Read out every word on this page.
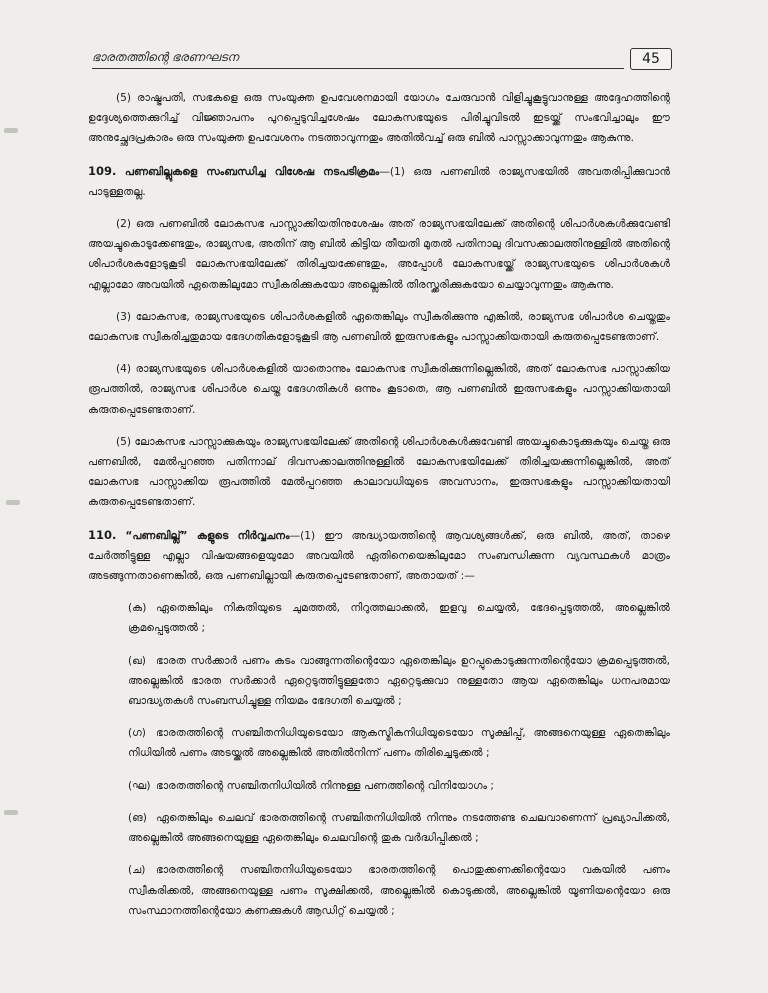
ഭാരതത്തിന്റെ ഭരണഘടന	45

(5) രാഷ്ട്രപതി, സഭകളെ ഒരു സംയുക്ത ഉപവേശനമായി യോഗം ചേരുവാൻ വിളിച്ചുകൂട്ടുവാനുള്ള അദ്ദേഹത്തിന്റെ ഉദ്ദേശ്യത്തെക്കുറിച്ച് വിജ്ഞാപനം പുറപ്പെടുവിച്ചശേഷം ലോകസഭയുടെ പിരിച്ചുവിടൽ ഇടയ്ക്ക് സംഭവിച്ചാലും ഈ അനുച്ഛേദപ്രകാരം ഒരു സംയുക്ത ഉപവേശനം നടത്താവുന്നതും അതിൽവച്ച് ഒരു ബിൽ പാസ്സാക്കാവുന്നതും ആകുന്നു.

109. പണബില്ലുകളെ സംബന്ധിച്ച വിശേഷ നടപടിക്രമം—(1) ഒരു പണബിൽ രാജ്യസഭയിൽ അവതരിപ്പിക്കുവാൻ പാടുള്ളതല്ല.

(2) ഒരു പണബിൽ ലോകസഭ പാസ്സാക്കിയതിനുശേഷം അത് രാജ്യസഭയിലേക്ക് അതിന്റെ ശിപാർശകൾക്കുവേണ്ടി അയച്ചുകൊടുക്കേണ്ടതും, രാജ്യസഭ, അതിന് ആ ബിൽ കിട്ടിയ തീയതി മുതൽ പതിനാലു ദിവസക്കാലത്തിനുള്ളിൽ അതിന്റെ ശിപാർശകളോടുകൂടി ലോകസഭയിലേക്ക് തിരിച്ചയക്കേണ്ടതും, അപ്പോൾ ലോകസഭയ്ക്ക് രാജ്യസഭയുടെ ശിപാർശകൾ എല്ലാമോ അവയിൽ ഏതെങ്കിലുമോ സ്വീകരിക്കുകയോ അല്ലെങ്കിൽ തിരസ്ക്കരിക്കുകയോ ചെയ്യാവുന്നതും ആകുന്നു.

(3) ലോകസഭ, രാജ്യസഭയുടെ ശിപാർശകളിൽ ഏതെങ്കിലും സ്വീകരിക്കുന്നു എങ്കിൽ, രാജ്യസഭ ശിപാർശ ചെയ്തതും ലോകസഭ സ്വീകരിച്ചതുമായ ഭേദഗതികളോടുകൂടി ആ പണബിൽ ഇരുസഭകളും പാസ്സാക്കിയതായി കരുതപ്പെടേണ്ടതാണ്.

(4) രാജ്യസഭയുടെ ശിപാർശകളിൽ യാതൊന്നും ലോകസഭ സ്വീകരിക്കുന്നില്ലെങ്കിൽ, അത് ലോകസഭ പാസ്സാക്കിയ രൂപത്തിൽ, രാജ്യസഭ ശിപാർശ ചെയ്ത ഭേദഗതികൾ ഒന്നും കൂടാതെ, ആ പണബിൽ ഇരുസഭകളും പാസ്സാക്കിയതായി കരുതപ്പെടേണ്ടതാണ്.

(5) ലോകസഭ പാസ്സാക്കുകയും രാജ്യസഭയിലേക്ക് അതിന്റെ ശിപാർശകൾക്കുവേണ്ടി അയച്ചുകൊടുക്കുകയും ചെയ്ത ഒരു പണബിൽ, മേൽപ്പറഞ്ഞ പതിന്നാല് ദിവസക്കാലത്തിനുള്ളിൽ ലോകസഭയിലേക്ക് തിരിച്ചയക്കുന്നില്ലെങ്കിൽ, അത് ലോകസഭ പാസ്സാക്കിയ രൂപത്തിൽ മേൽപ്പറഞ്ഞ കാലാവധിയുടെ അവസാനം, ഇരുസഭകളും പാസ്സാക്കിയതായി കരുതപ്പെടേണ്ടതാണ്.

110. “പണബില്ല്” കളുടെ നിർവ്വചനം—(1) ഈ അദ്ധ്യായത്തിന്റെ ആവശ്യങ്ങൾക്ക്, ഒരു ബിൽ, അത്, താഴെ ചേർത്തിട്ടുള്ള എല്ലാ വിഷയങ്ങളെയുമോ അവയിൽ ഏതിനെയെങ്കിലുമോ സംബന്ധിക്കുന്ന വ്യവസ്ഥകൾ മാത്രം അടങ്ങുന്നതാണെങ്കിൽ, ഒരു പണബില്ലായി കരുതപ്പെടേണ്ടതാണ്, അതായത് :—

(ക) ഏതെങ്കിലും നികുതിയുടെ ചുമത്തൽ, നിറുത്തലാക്കൽ, ഇളവു ചെയ്യൽ, ഭേദപ്പെടുത്തൽ, അല്ലെങ്കിൽ ക്രമപ്പെടുത്തൽ ;

(ഖ) ഭാരത സർക്കാർ പണം കടം വാങ്ങുന്നതിന്റെയോ ഏതെങ്കിലും ഉറപ്പുകൊടുക്കുന്നതിന്റെയോ ക്രമപ്പെടുത്തൽ, അല്ലെങ്കിൽ ഭാരത സർക്കാർ ഏറ്റെടുത്തിട്ടുള്ളതോ ഏറ്റെടുക്കുവാ നുള്ളതോ ആയ ഏതെങ്കിലും ധനപരമായ ബാദ്ധ്യതകൾ സംബന്ധിച്ചുള്ള നിയമം ഭേദഗതി ചെയ്യൽ ;

(ഗ) ഭാരതത്തിന്റെ സഞ്ചിതനിധിയുടെയോ ആകസ്മികനിധിയുടെയോ സൂക്ഷിപ്പ്, അങ്ങനെയുള്ള ഏതെങ്കിലും നിധിയിൽ പണം അടയ്ക്കൽ അല്ലെങ്കിൽ അതിൽനിന്ന് പണം തിരിച്ചെടുക്കൽ ;

(ഘ) ഭാരതത്തിന്റെ സഞ്ചിതനിധിയിൽ നിന്നുള്ള പണത്തിന്റെ വിനിയോഗം ;

(ങ) ഏതെങ്കിലും ചെലവ് ഭാരതത്തിന്റെ സഞ്ചിതനിധിയിൽ നിന്നും നടത്തേണ്ട ചെലവാണെന്ന് പ്രഖ്യാപിക്കൽ, അല്ലെങ്കിൽ അങ്ങനെയുള്ള ഏതെങ്കിലും ചെലവിന്റെ തുക വർദ്ധിപ്പിക്കൽ ;

(ച) ഭാരതത്തിന്റെ സഞ്ചിതനിധിയുടെയോ ഭാരതത്തിന്റെ പൊതുക്കണക്കിന്റെയോ വകയിൽ പണം സ്വീകരിക്കൽ, അങ്ങനെയുള്ള പണം സൂക്ഷിക്കൽ, അല്ലെങ്കിൽ കൊടുക്കൽ, അല്ലെങ്കിൽ യൂണിയന്റെയോ ഒരു സംസ്ഥാനത്തിന്റെയോ കണക്കുകൾ ആഡിറ്റ് ചെയ്യൽ ;
